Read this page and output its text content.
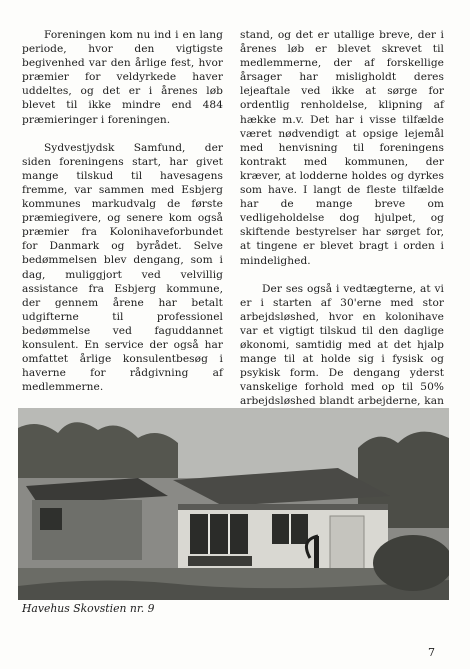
Foreningen kom nu ind i en lang periode, hvor den vigtigste begivenhed var den årlige fest, hvor præmier for veldyrkede haver uddeltes, og det er i årenes løb blevet til ikke mindre end 484 præmieringer i foreningen.

Sydvestjydsk Samfund, der siden foreningens start, har givet mange tilskud til havesagens fremme, var sammen med Esbjerg kommunes markudvalg de første præmiegivere, og senere kom også præmier fra Kolonihaveforbundet for Danmark og byrådet. Selve bedømmelsen blev dengang, som i dag, muliggjort ved velvillig assistance fra Esbjerg kommune, der gennem årene har betalt udgifterne til professionel bedømmelse ved faguddannet konsulent. En service der også har omfattet årlige konsulentbesøg i haverne for rådgivning af medlemmerne.

stand, og det er utallige breve, der i årenes løb er blevet skrevet til medlemmerne, der af forskellige årsager har misligholdt deres lejeaftale ved ikke at sørge for ordentlig renholdelse, klipning af hække m.v. Det har i visse tilfælde været nødvendigt at opsige lejemål med henvisning til foreningens kontrakt med kommunen, der kræver, at lodderne holdes og dyrkes som have. I langt de fleste tilfælde har de mange breve om vedligeholdelse dog hjulpet, og skiftende bestyrelser har sørget for, at tingene er blevet bragt i orden i mindelighed.

Der ses også i vedtægterne, at vi er i starten af 30'erne med stor arbejdsløshed, hvor en kolonihave var et vigtigt tilskud til den daglige økonomi, samtidig med at det hjalp mange til at holde sig i fysisk og psykisk form. De dengang yderst vanskelige forhold med op til 50% arbejdsløshed blandt arbejderne, kan

Havehus Skovstien nr. 9
7
